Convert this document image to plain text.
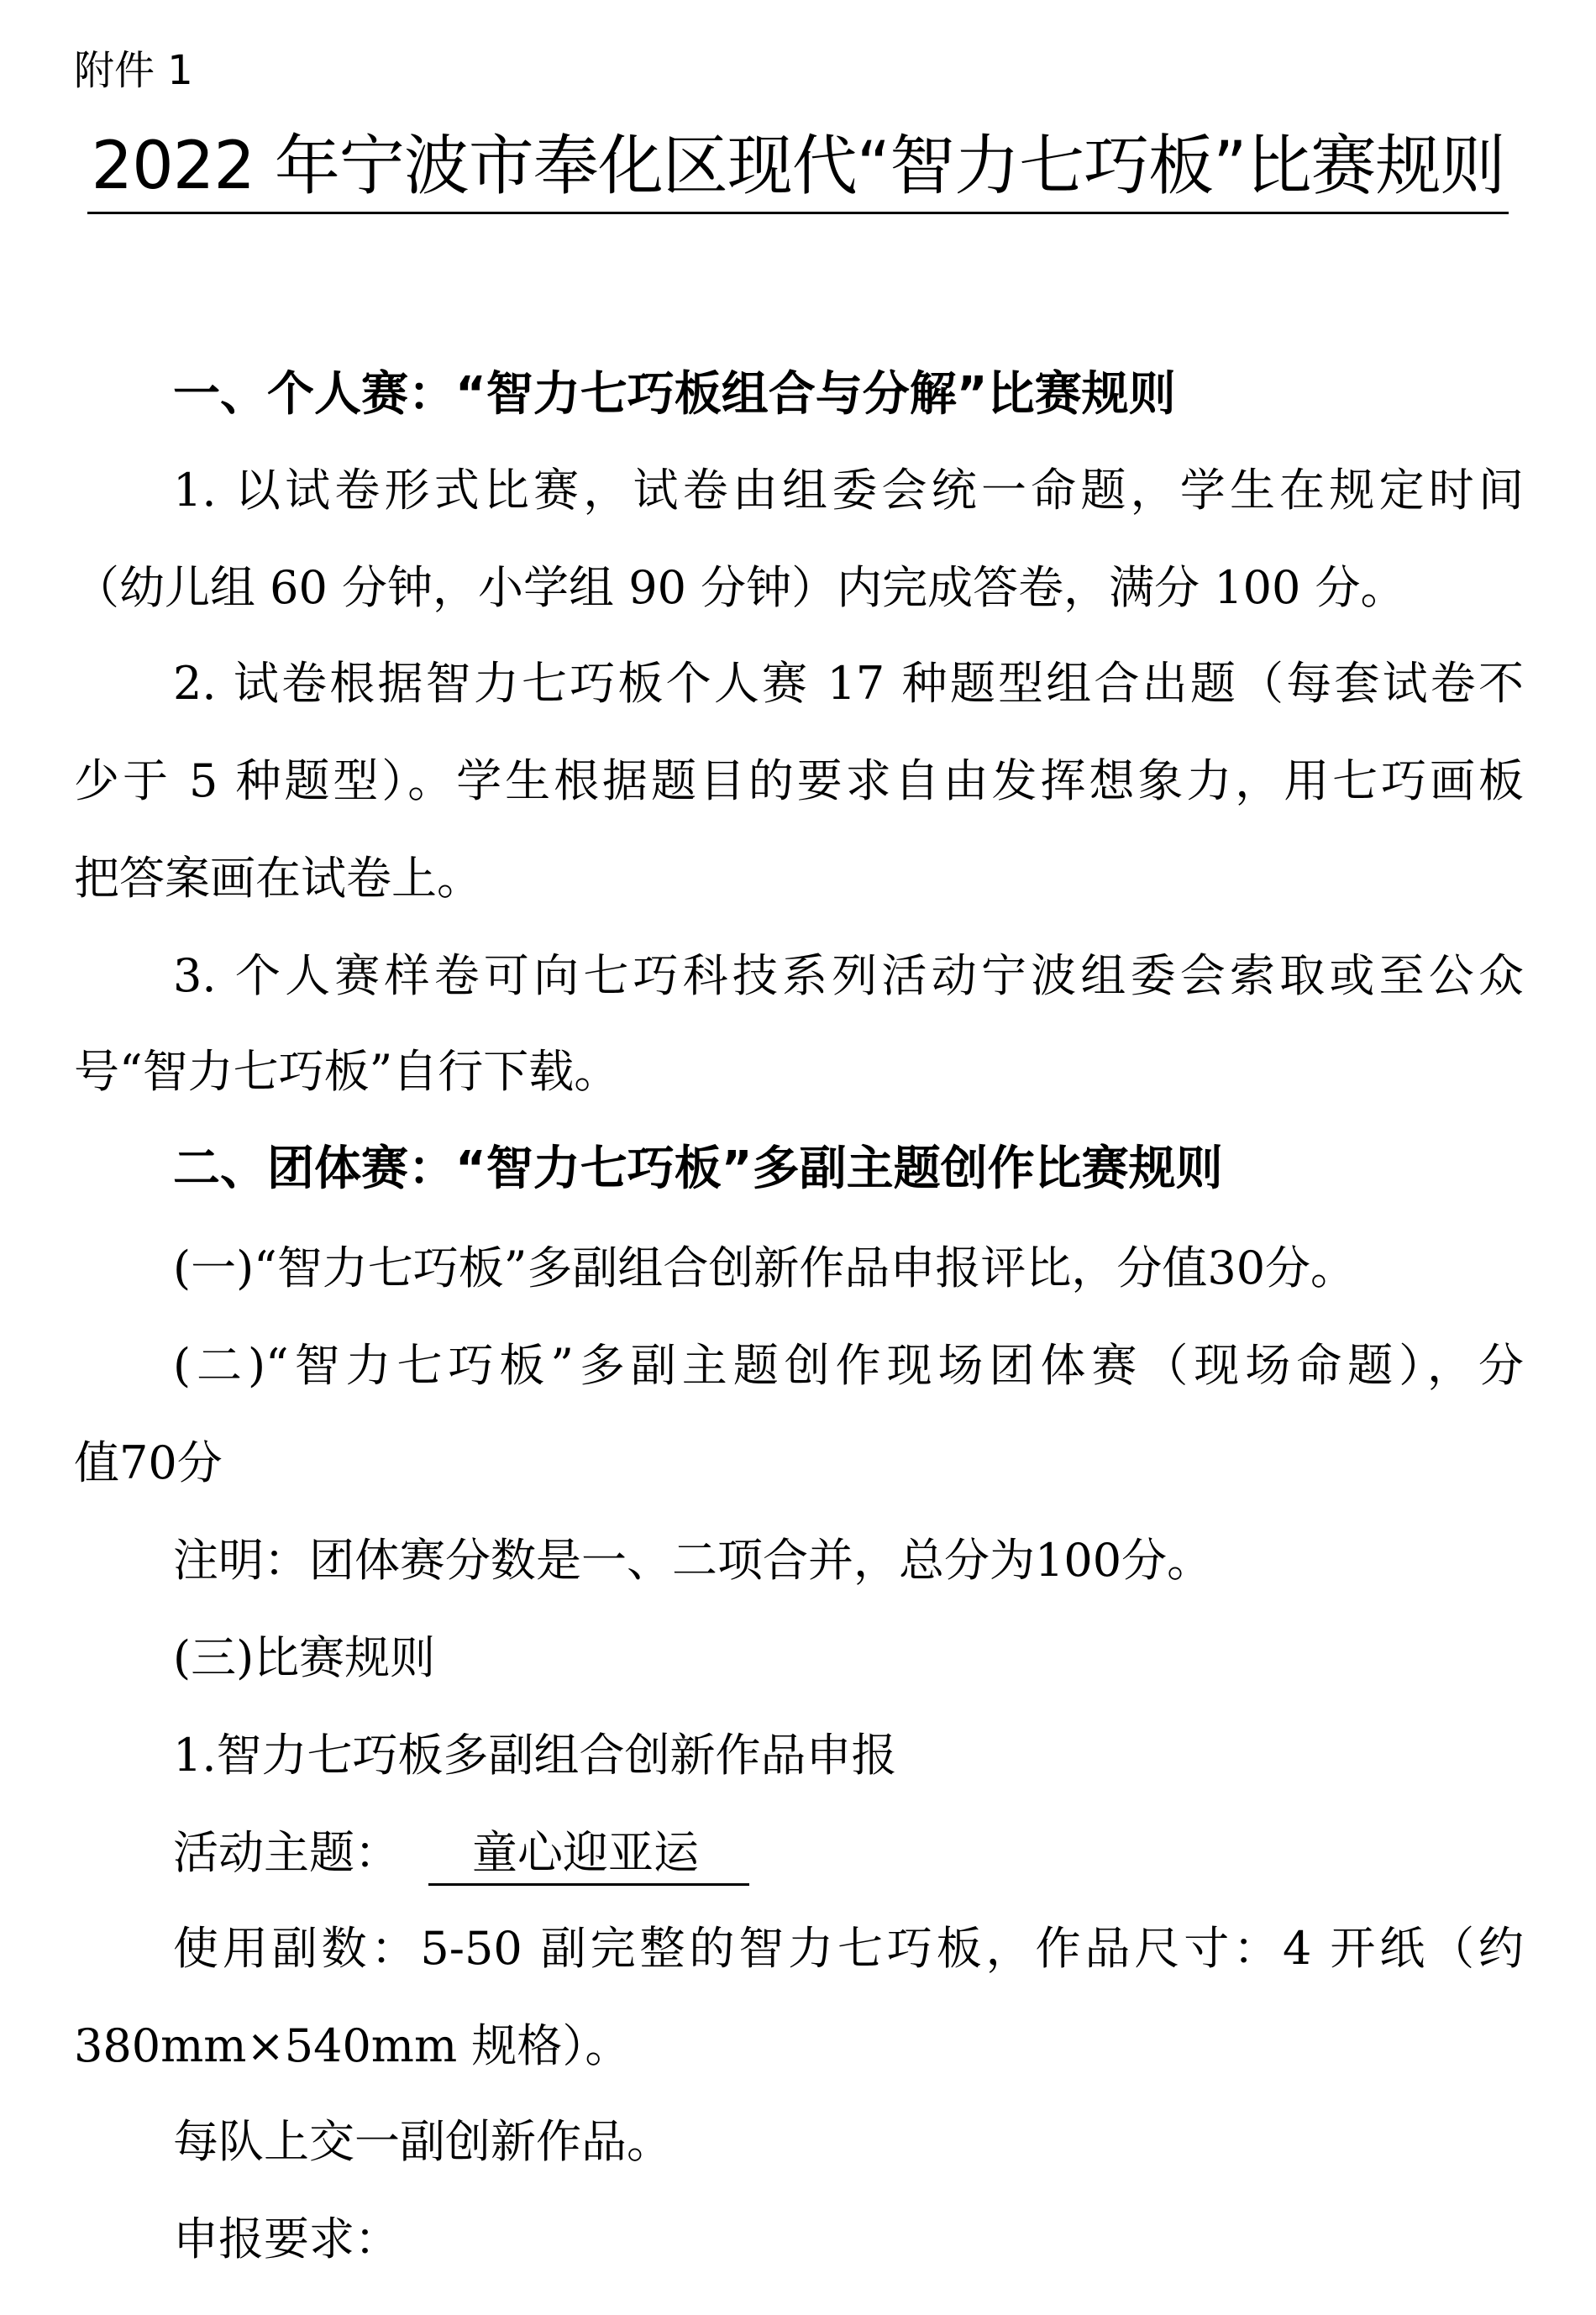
附件 1
2022 年宁波市奉化区现代“智力七巧板”比赛规则
一、个人赛：“智力七巧板组合与分解”比赛规则
1. 以试卷形式比赛，试卷由组委会统一命题，学生在规定时间
（幼儿组 60 分钟，小学组 90 分钟）内完成答卷，满分 100 分。
2. 试卷根据智力七巧板个人赛 17 种题型组合出题（每套试卷不
少于 5 种题型）。学生根据题目的要求自由发挥想象力，用七巧画板
把答案画在试卷上。
3. 个人赛样卷可向七巧科技系列活动宁波组委会索取或至公众
号“智力七巧板”自行下载。
二、团体赛：“智力七巧板”多副主题创作比赛规则
(一)“智力七巧板”多副组合创新作品申报评比，分值30分。
(二)“智力七巧板”多副主题创作现场团体赛（现场命题），分
值70分
注明：团体赛分数是一、二项合并，总分为100分。
(三)比赛规则
1.智力七巧板多副组合创新作品申报
活动主题： 童心迎亚运
使用副数：5-50 副完整的智力七巧板，作品尺寸：4 开纸（约
380mm×540mm 规格）。
每队上交一副创新作品。
申报要求：
